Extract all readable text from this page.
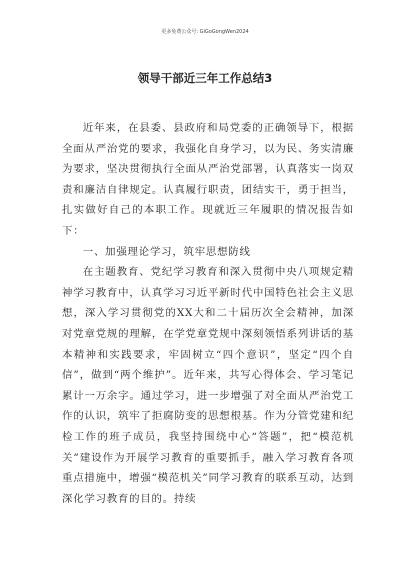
更多免费公众号: GiGoGongWen2024
领导干部近三年工作总结3

近年来，在县委、县政府和局党委的正确领导下，根据全面从严治党的要求，我强化自身学习，以为民、务实清廉为要求，坚决贯彻执行全面从严治党部署，认真落实一岗双责和廉洁自律规定。认真履行职责，团结实干，勇于担当，扎实做好自己的本职工作。现就近三年履职的情况报告如下：

一、加强理论学习，筑牢思想防线

在主题教育、党纪学习教育和深入贯彻中央八项规定精神学习教育中，认真学习习近平新时代中国特色社会主义思想，深入学习贯彻党的XX大和二十届历次全会精神，加深对党章党规的理解，在学党章党规中深刻领悟系列讲话的基本精神和实践要求，牢固树立“四个意识”，坚定“四个自信”，做到“两个维护”。近年来，共写心得体会、学习笔记累计一万余字。通过学习，进一步增强了对全面从严治党工作的认识，筑牢了拒腐防变的思想根基。作为分管党建和纪检工作的班子成员，我坚持围绕中心“答题”，把“模范机关”建设作为开展学习教育的重要抓手，融入学习教育各项重点措施中，增强“模范机关”同学习教育的联系互动，达到深化学习教育的目的。持续
